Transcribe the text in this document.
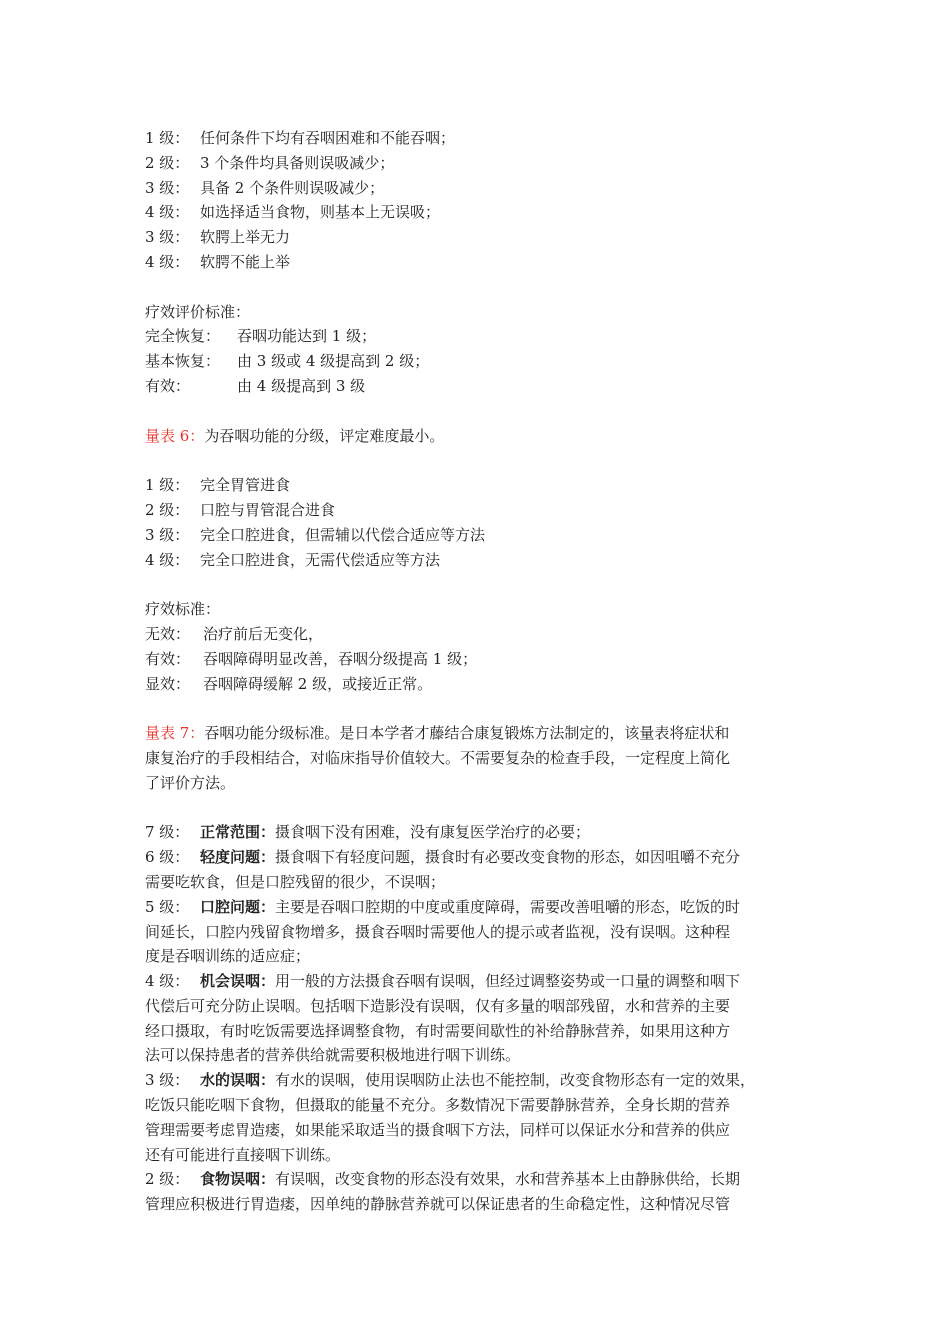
1 级： 任何条件下均有吞咽困难和不能吞咽；
2 级： 3 个条件均具备则误吸减少；
3 级： 具备 2 个条件则误吸减少；
4 级： 如选择适当食物，则基本上无误吸；
3 级： 软腭上举无力
4 级： 软腭不能上举
疗效评价标准：
完全恢复： 吞咽功能达到 1 级；
基本恢复： 由 3 级或 4 级提高到 2 级；
有效：	由 4 级提高到 3 级
量表 6：为吞咽功能的分级，评定难度最小。
1 级： 完全胃管进食
2 级： 口腔与胃管混合进食
3 级： 完全口腔进食，但需辅以代偿合适应等方法
4 级： 完全口腔进食，无需代偿适应等方法
疗效标准：
无效： 治疗前后无变化，
有效： 吞咽障碍明显改善，吞咽分级提高 1 级；
显效： 吞咽障碍缓解 2 级，或接近正常。
量表 7：吞咽功能分级标准。是日本学者才藤结合康复锻炼方法制定的，该量表将症状和
康复治疗的手段相结合，对临床指导价值较大。不需要复杂的检查手段，一定程度上简化
了评价方法。
7 级： 正常范围：摄食咽下没有困难，没有康复医学治疗的必要；
6 级： 轻度问题：摄食咽下有轻度问题，摄食时有必要改变食物的形态，如因咀嚼不充分
需要吃软食，但是口腔残留的很少，不误咽；
5 级： 口腔问题：主要是吞咽口腔期的中度或重度障碍，需要改善咀嚼的形态，吃饭的时
间延长，口腔内残留食物增多，摄食吞咽时需要他人的提示或者监视，没有误咽。这种程
度是吞咽训练的适应症；
4 级： 机会误咽：用一般的方法摄食吞咽有误咽，但经过调整姿势或一口量的调整和咽下
代偿后可充分防止误咽。包括咽下造影没有误咽，仅有多量的咽部残留，水和营养的主要
经口摄取，有时吃饭需要选择调整食物，有时需要间歇性的补给静脉营养，如果用这种方
法可以保持患者的营养供给就需要积极地进行咽下训练。
3 级： 水的误咽：有水的误咽，使用误咽防止法也不能控制，改变食物形态有一定的效果，
吃饭只能吃咽下食物，但摄取的能量不充分。多数情况下需要静脉营养，全身长期的营养
管理需要考虑胃造瘘，如果能采取适当的摄食咽下方法，同样可以保证水分和营养的供应
还有可能进行直接咽下训练。
2 级： 食物误咽：有误咽，改变食物的形态没有效果，水和营养基本上由静脉供给，长期
管理应积极进行胃造瘘，因单纯的静脉营养就可以保证患者的生命稳定性，这种情况尽管
